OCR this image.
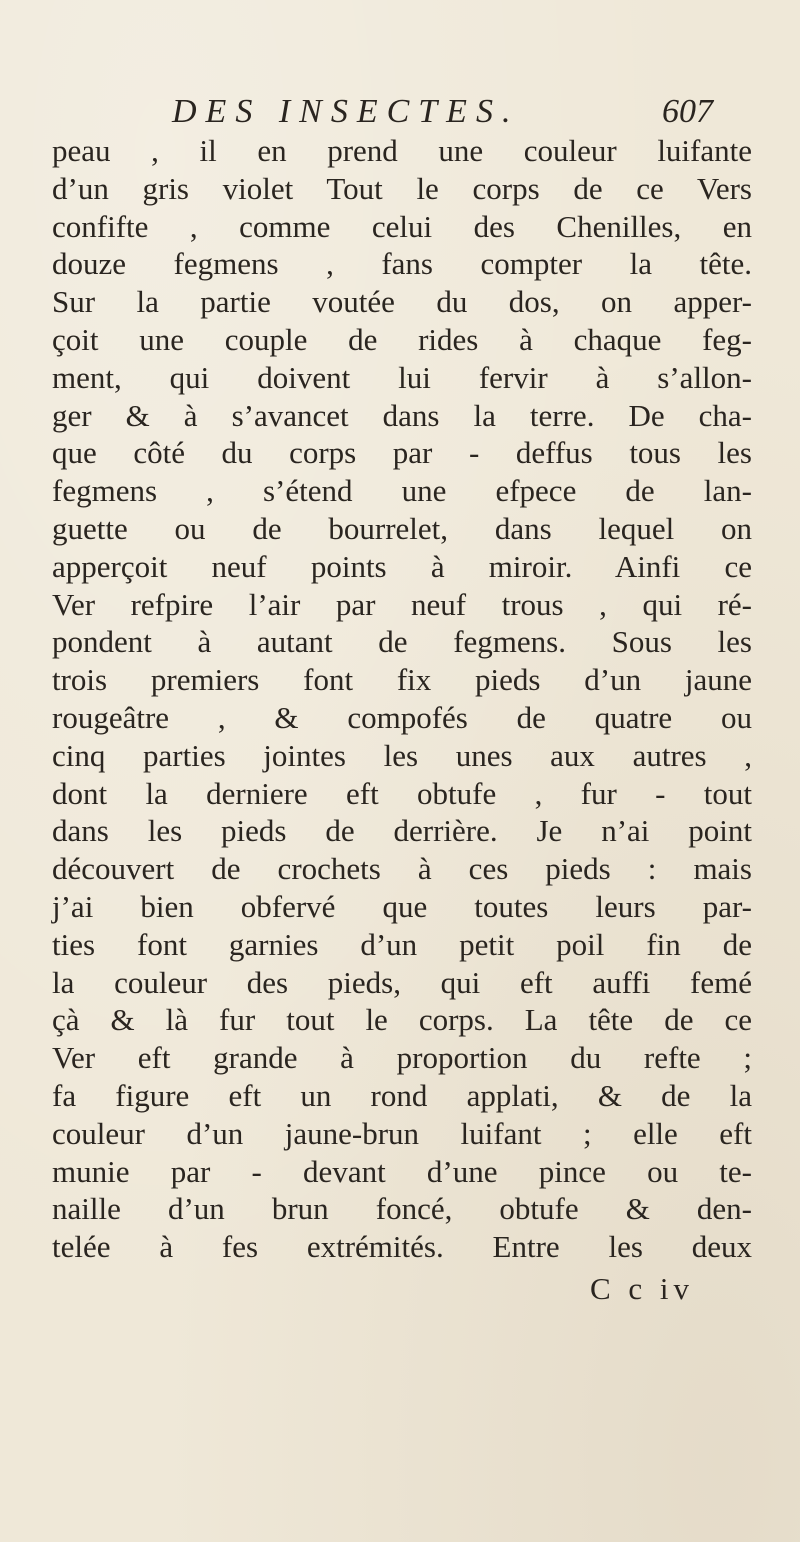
DES INSECTES.	607
peau , il en prend une couleur luifante
d’un gris violet Tout le corps de ce Vers
confifte , comme celui des Chenilles, en
douze fegmens , fans compter la tête.
Sur la partie voutée du dos, on apper-
çoit une couple de rides à chaque feg-
ment, qui doivent lui fervir à s’allon-
ger & à s’avancet dans la terre. De cha-
que côté du corps par - deffus tous les
fegmens , s’étend une efpece de lan-
guette ou de bourrelet, dans lequel on
apperçoit neuf points à miroir. Ainfi ce
Ver refpire l’air par neuf trous , qui ré-
pondent à autant de fegmens. Sous les
trois premiers font fix pieds d’un jaune
rougeâtre , & compofés de quatre ou
cinq parties jointes les unes aux autres ,
dont la derniere eft obtufe , fur - tout
dans les pieds de derrière. Je n’ai point
découvert de crochets à ces pieds : mais
j’ai bien obfervé que toutes leurs par-
ties font garnies d’un petit poil fin de
la couleur des pieds, qui eft auffi femé
çà & là fur tout le corps. La tête de ce
Ver eft grande à proportion du refte ;
fa figure eft un rond applati, & de la
couleur d’un jaune-brun luifant ; elle eft
munie par - devant d’une pince ou te-
naille d’un brun foncé, obtufe & den-
telée à fes extrémités. Entre les deux
C c iv
